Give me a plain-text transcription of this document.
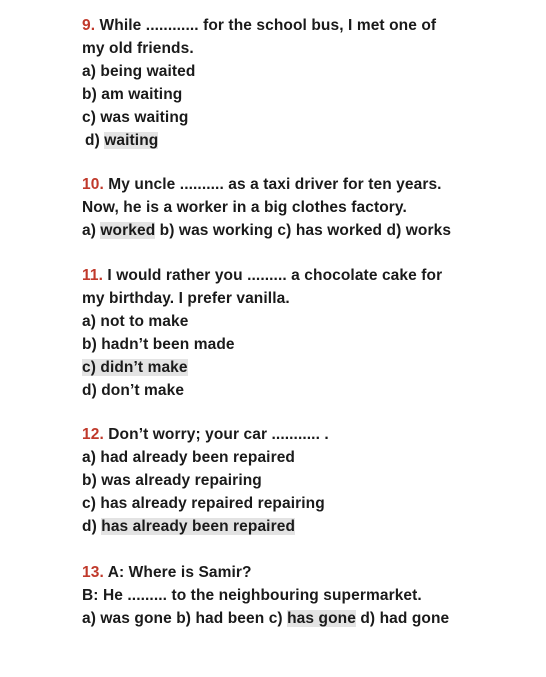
9. While ............ for the school bus, I met one of
my old friends.
a) being waited
b) am waiting
c) was waiting
d) waiting
10. My uncle .......... as a taxi driver for ten years.
Now, he is a worker in a big clothes factory.
a) worked b) was working c) has worked d) works
11. I would rather you ......... a chocolate cake for
my birthday. I prefer vanilla.
a) not to make
b) hadn’t been made
c) didn’t make
d) don’t make
12. Don’t worry; your car ........... .
a) had already been repaired
b) was already repairing
c) has already repaired repairing
d) has already been repaired
13. A: Where is Samir?
B: He ......... to the neighbouring supermarket.
a) was gone b) had been c) has gone d) had gone
